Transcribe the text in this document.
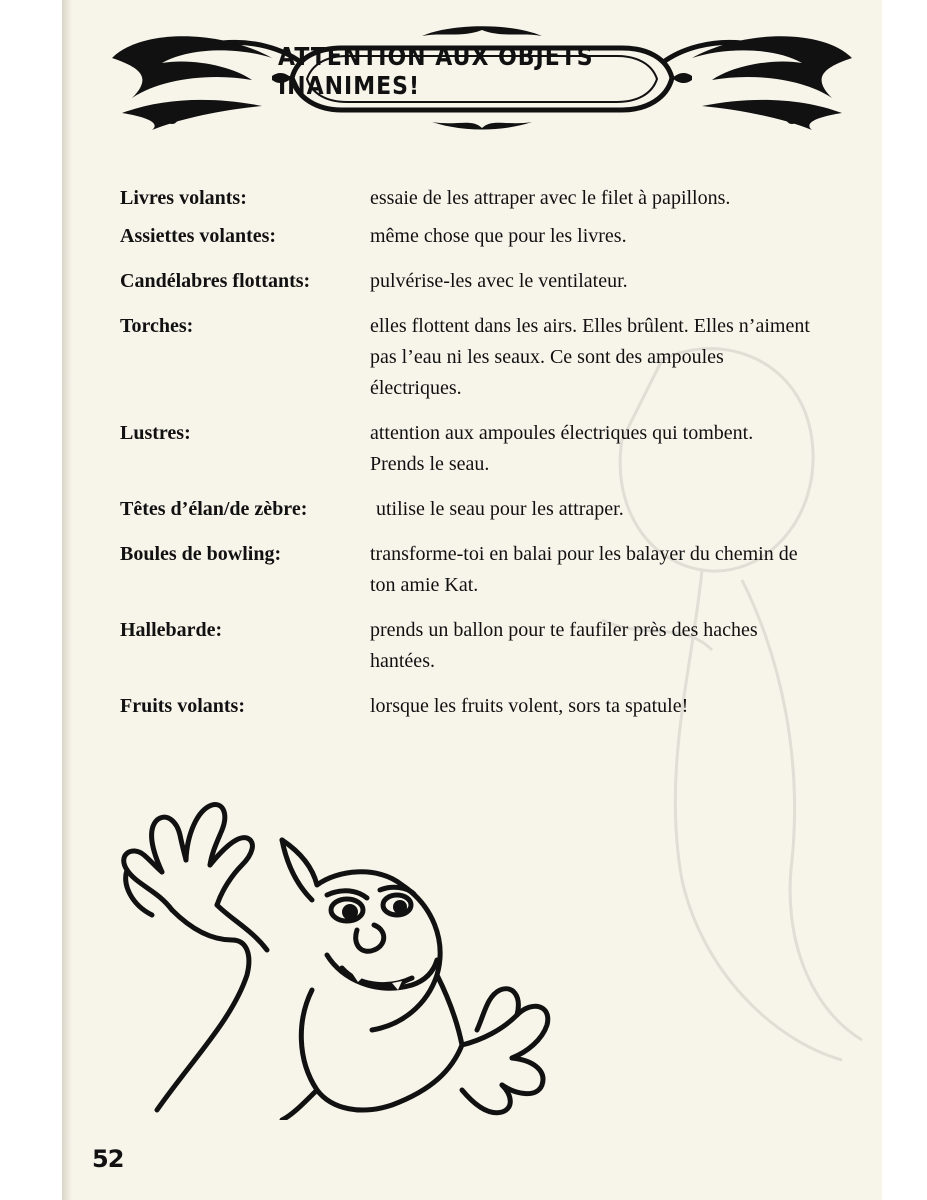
ATTENTION AUX OBJETS INANIMES!
Livres volants:	essaie de les attraper avec le filet à papillons.
Assiettes volantes:	même chose que pour les livres.
Candélabres flottants:	pulvérise-les avec le ventilateur.
Torches:	elles flottent dans les airs. Elles brûlent. Elles n’aiment pas l’eau ni les seaux. Ce sont des ampoules électriques.
Lustres:	attention aux ampoules électriques qui tombent. Prends le seau.
Têtes d’élan/de zèbre:	utilise le seau pour les attraper.
Boules de bowling:	transforme-toi en balai pour les balayer du chemin de ton amie Kat.
Hallebarde:	prends un ballon pour te faufiler près des haches hantées.
Fruits volants:	lorsque les fruits volent, sors ta spatule!
52
